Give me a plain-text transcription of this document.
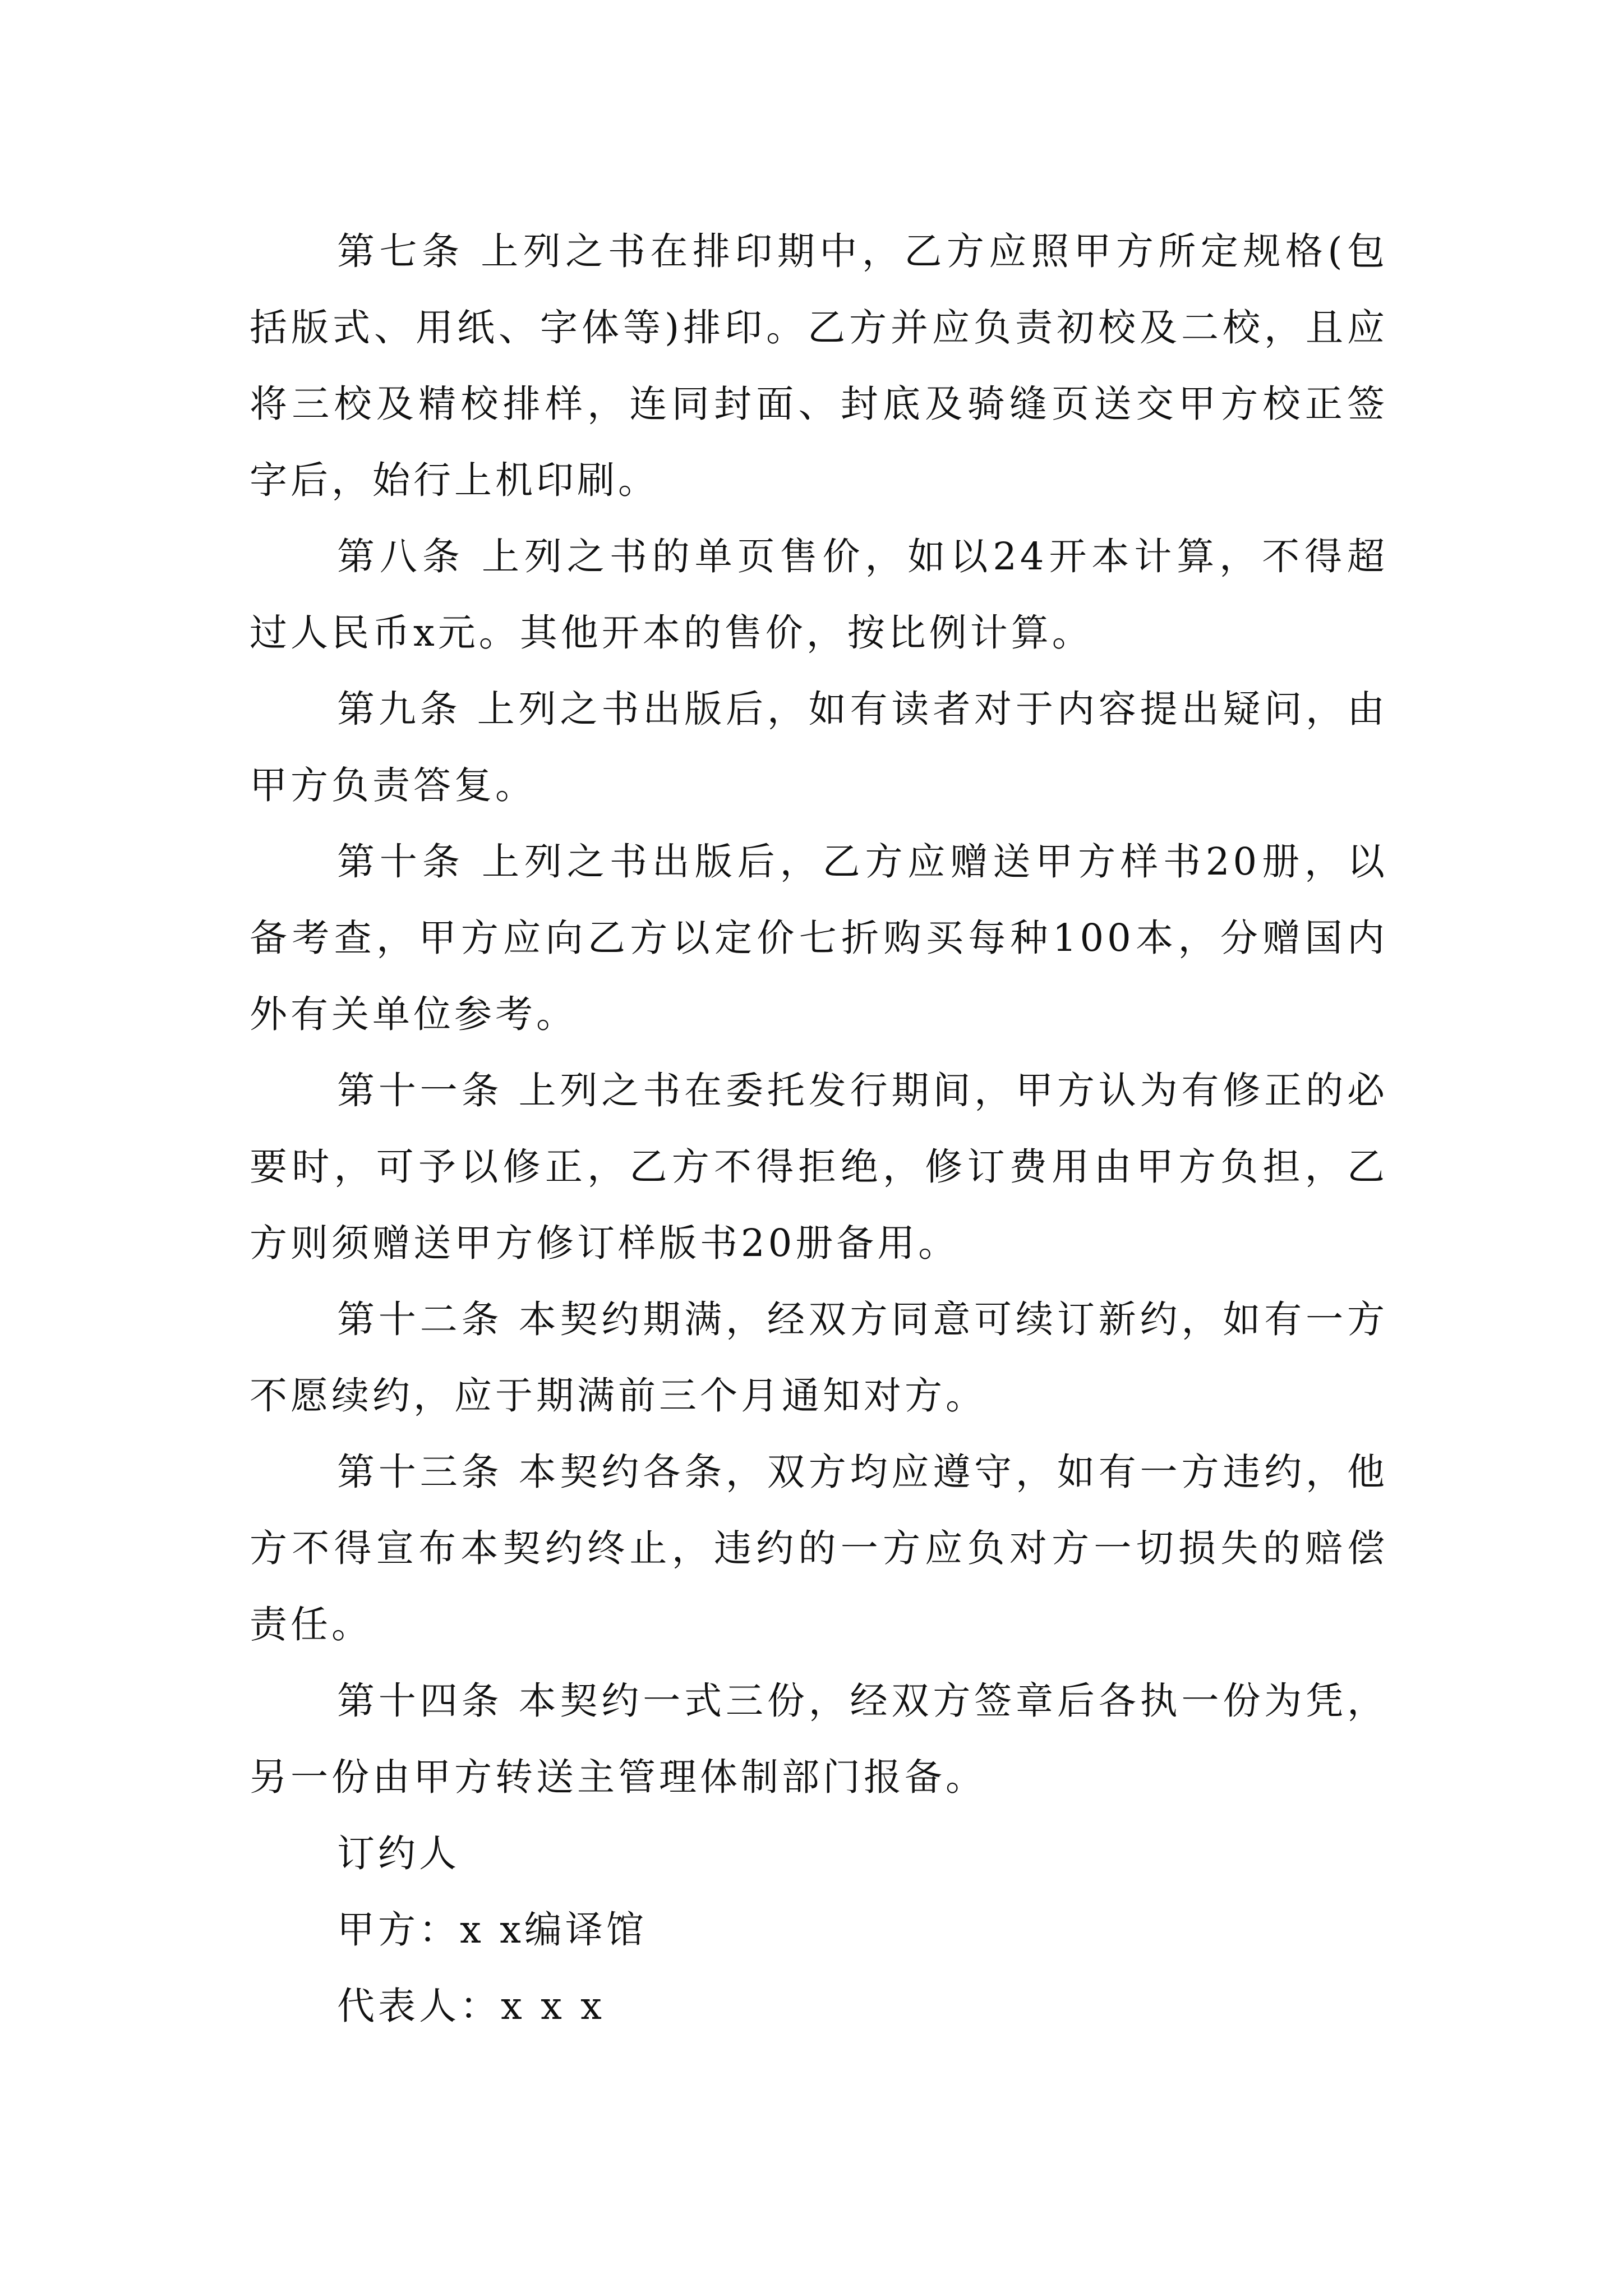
第七条 上列之书在排印期中，乙方应照甲方所定规格(包括版式、用纸、字体等)排印。乙方并应负责初校及二校，且应将三校及精校排样，连同封面、封底及骑缝页送交甲方校正签字后，始行上机印刷。

第八条 上列之书的单页售价，如以24开本计算，不得超过人民币x元。其他开本的售价，按比例计算。

第九条 上列之书出版后，如有读者对于内容提出疑问，由甲方负责答复。

第十条 上列之书出版后，乙方应赠送甲方样书20册，以备考查，甲方应向乙方以定价七折购买每种100本，分赠国内外有关单位参考。

第十一条 上列之书在委托发行期间，甲方认为有修正的必要时，可予以修正，乙方不得拒绝，修订费用由甲方负担，乙方则须赠送甲方修订样版书20册备用。

第十二条 本契约期满，经双方同意可续订新约，如有一方不愿续约，应于期满前三个月通知对方。

第十三条 本契约各条，双方均应遵守，如有一方违约，他方不得宣布本契约终止，违约的一方应负对方一切损失的赔偿责任。

第十四条 本契约一式三份，经双方签章后各执一份为凭，另一份由甲方转送主管理体制部门报备。

订约人

甲方：x x编译馆

代表人：x x x
